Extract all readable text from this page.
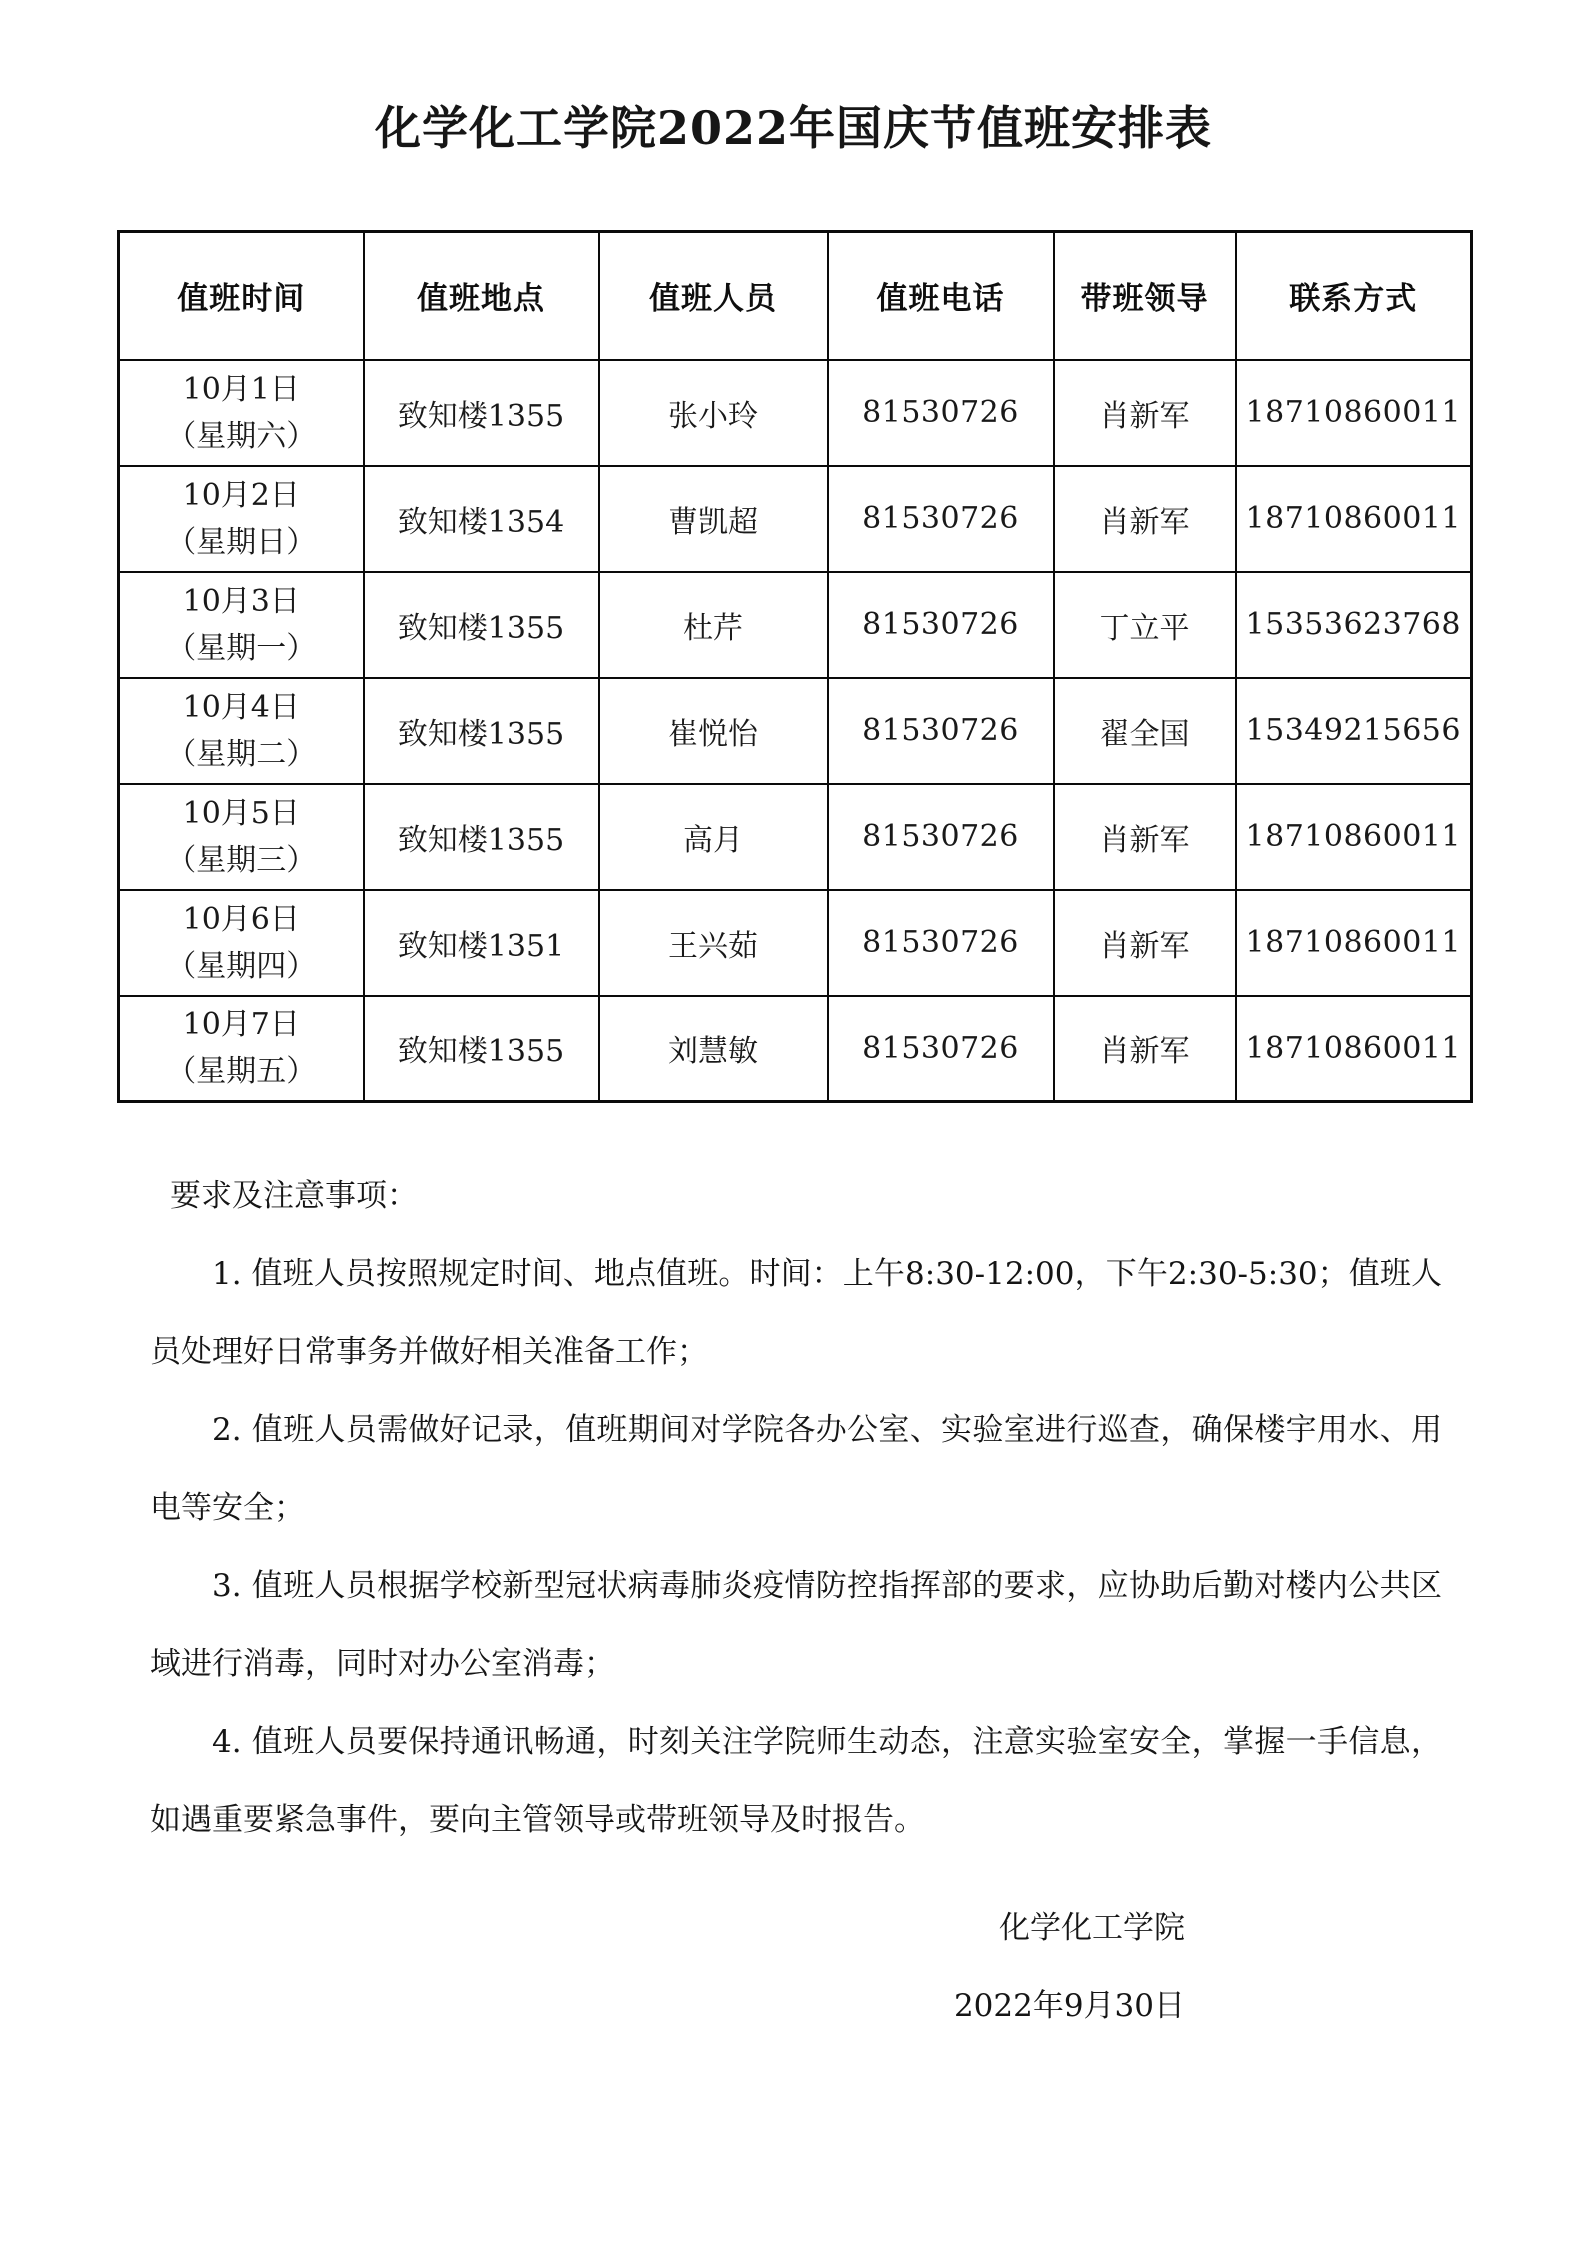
化学化工学院2022年国庆节值班安排表
值班时间	值班地点	值班人员	值班电话	带班领导	联系方式

10月1日
（星期六）	致知楼1355	张小玲	81530726	肖新军	18710860011

10月2日
（星期日）	致知楼1354	曹凯超	81530726	肖新军	18710860011

10月3日
（星期一）	致知楼1355	杜芹	81530726	丁立平	15353623768

10月4日
（星期二）	致知楼1355	崔悦怡	81530726	翟全国	15349215656

10月5日
（星期三）	致知楼1355	高月	81530726	肖新军	18710860011

10月6日
（星期四）	致知楼1351	王兴茹	81530726	肖新军	18710860011

10月7日
（星期五）	致知楼1355	刘慧敏	81530726	肖新军	18710860011
要求及注意事项：

1. 值班人员按照规定时间、地点值班。时间：上午8:30-12:00，下午2:30-5:30；值班人员处理好日常事务并做好相关准备工作；

2. 值班人员需做好记录，值班期间对学院各办公室、实验室进行巡查，确保楼宇用水、用电等安全；

3. 值班人员根据学校新型冠状病毒肺炎疫情防控指挥部的要求，应协助后勤对楼内公共区域进行消毒，同时对办公室消毒；

4. 值班人员要保持通讯畅通，时刻关注学院师生动态，注意实验室安全，掌握一手信息，如遇重要紧急事件，要向主管领导或带班领导及时报告。

化学化工学院
2022年9月30日
